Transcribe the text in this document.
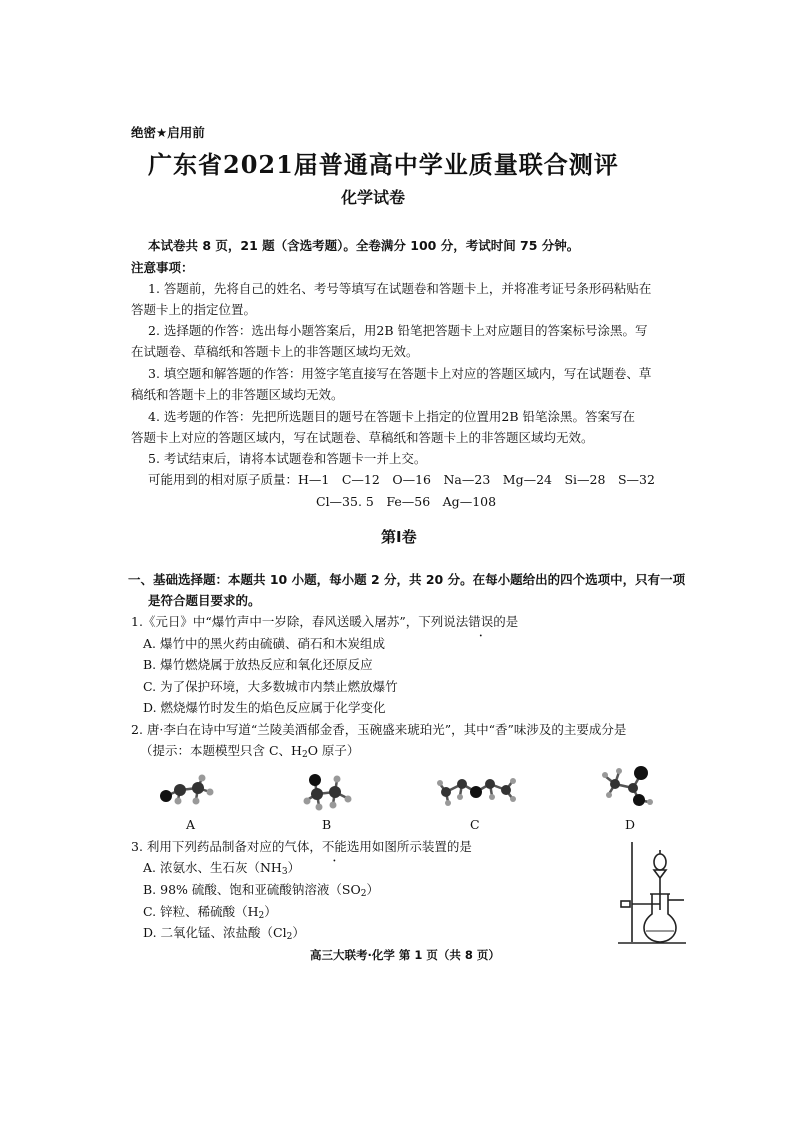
绝密★启用前
广东省2021届普通高中学业质量联合测评
化学试卷
本试卷共 8 页，21 题（含选考题）。全卷满分 100 分，考试时间 75 分钟。
注意事项：
1. 答题前，先将自己的姓名、考号等填写在试题卷和答题卡上，并将准考证号条形码粘贴在
答题卡上的指定位置。
2. 选择题的作答：选出每小题答案后，用2B 铅笔把答题卡上对应题目的答案标号涂黑。写
在试题卷、草稿纸和答题卡上的非答题区域均无效。
3. 填空题和解答题的作答：用签字笔直接写在答题卡上对应的答题区域内，写在试题卷、草
稿纸和答题卡上的非答题区域均无效。
4. 选考题的作答：先把所选题目的题号在答题卡上指定的位置用2B 铅笔涂黑。答案写在
答题卡上对应的答题区域内，写在试题卷、草稿纸和答题卡上的非答题区域均无效。
5. 考试结束后，请将本试题卷和答题卡一并上交。
可能用到的相对原子质量：H—1　C—12　O—16　Na—23　Mg—24　Si—28　S—32
Cl—35. 5　Fe—56　Ag—108
第Ⅰ卷
一、基础选择题：本题共 10 小题，每小题 2 分，共 20 分。在每小题给出的四个选项中，只有一项
是符合题目要求的。
1.《元日》中“爆竹声中一岁除，春风送暖入屠苏”，下列说法错误的是
A. 爆竹中的黑火药由硫磺、硝石和木炭组成
B. 爆竹燃烧属于放热反应和氧化还原反应
C. 为了保护环境，大多数城市内禁止燃放爆竹
D. 燃烧爆竹时发生的焰色反应属于化学变化
2. 唐·李白在诗中写道“兰陵美酒郁金香，玉碗盛来琥珀光”，其中“香”味涉及的主要成分是
（提示：本题模型只含 C、$H_2O$ 原子）
A	B	C	D
3. 利用下列药品制备对应的气体，不能选用如图所示装置的是
A. 浓氨水、生石灰$(NH_3)$
B. 98% 硫酸、饱和亚硫酸钠溶液$(SO_2)$
C. 锌粒、稀硫酸$(H_2)$
D. 二氧化锰、浓盐酸$(Cl_2)$
高三大联考·化学 第 1 页（共 8 页）
